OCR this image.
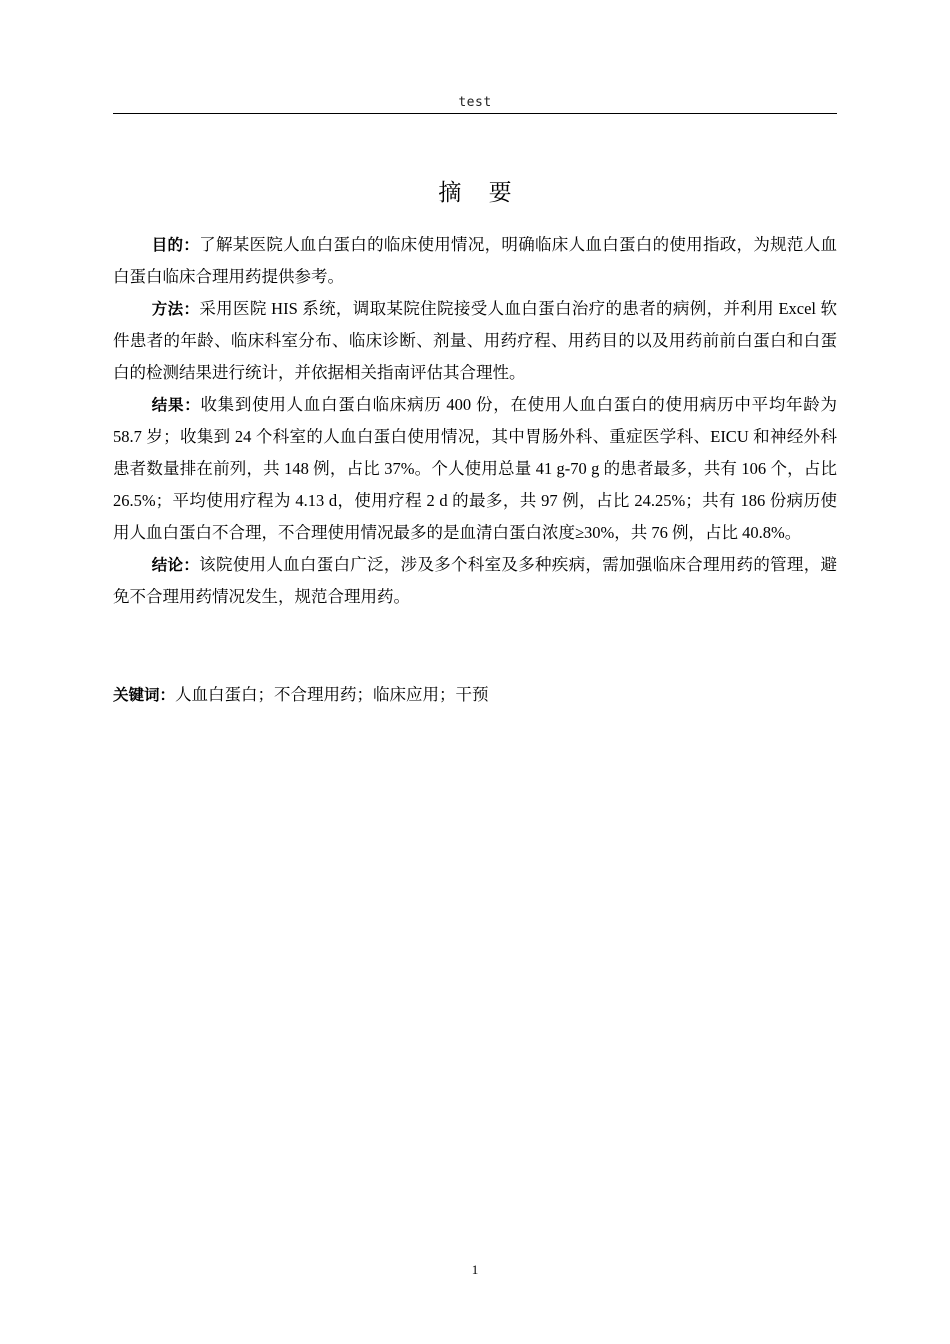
test
摘 要

目的：了解某医院人血白蛋白的临床使用情况，明确临床人血白蛋白的使用指政，为规范人血白蛋白临床合理用药提供参考。

方法：采用医院 HIS 系统，调取某院住院接受人血白蛋白治疗的患者的病例，并利用 Excel 软件患者的年龄、临床科室分布、临床诊断、剂量、用药疗程、用药目的以及用药前前白蛋白和白蛋白的检测结果进行统计，并依据相关指南评估其合理性。

结果：收集到使用人血白蛋白临床病历 400 份，在使用人血白蛋白的使用病历中平均年龄为 58.7 岁；收集到 24 个科室的人血白蛋白使用情况，其中胃肠外科、重症医学科、EICU 和神经外科患者数量排在前列，共 148 例，占比 37%。个人使用总量 41 g-70 g 的患者最多，共有 106 个，占比 26.5%；平均使用疗程为 4.13 d，使用疗程 2 d 的最多，共 97 例，占比 24.25%；共有 186 份病历使用人血白蛋白不合理，不合理使用情况最多的是血清白蛋白浓度≥30%，共 76 例，占比 40.8%。

结论：该院使用人血白蛋白广泛，涉及多个科室及多种疾病，需加强临床合理用药的管理，避免不合理用药情况发生，规范合理用药。

关键词：人血白蛋白；不合理用药；临床应用；干预
1
